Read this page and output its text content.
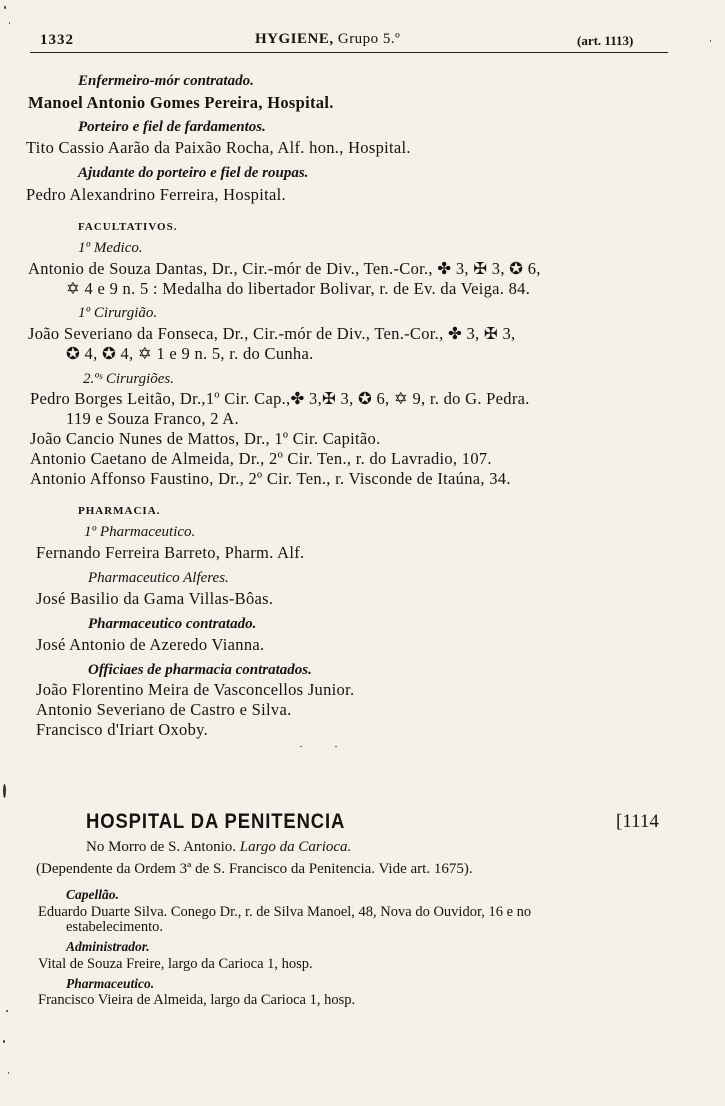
1332	HYGIENE, Grupo 5.º	(art. 1113)
Enfermeiro-mór contratado.
Manoel Antonio Gomes Pereira, Hospital.
Porteiro e fiel de fardamentos.
Tito Cassio Aarão da Paixão Rocha, Alf. hon., Hospital.
Ajudante do porteiro e fiel de roupas.
Pedro Alexandrino Ferreira, Hospital.
FACULTATIVOS.
1º Medico.
Antonio de Souza Dantas, Dr., Cir.-mór de Div., Ten.-Cor., ✤ 3, ✠ 3, ✪ 6,
✡ 4 e 9 n. 5 : Medalha do libertador Bolivar, r. de Ev. da Veiga. 84.
1º Cirurgião.
João Severiano da Fonseca, Dr., Cir.-mór de Div., Ten.-Cor., ✤ 3, ✠ 3,
✪ 4, ✪ 4, ✡ 1 e 9 n. 5, r. do Cunha.
2.ºˢ Cirurgiões.
Pedro Borges Leitão, Dr.,1º Cir. Cap.,✤ 3,✠ 3, ✪ 6, ✡ 9, r. do G. Pedra.
119 e Souza Franco, 2 A.
João Cancio Nunes de Mattos, Dr., 1º Cir. Capitão.
Antonio Caetano de Almeida, Dr., 2º Cir. Ten., r. do Lavradio, 107.
Antonio Affonso Faustino, Dr., 2º Cir. Ten., r. Visconde de Itaúna, 34.
PHARMACIA.
1º Pharmaceutico.
Fernando Ferreira Barreto, Pharm. Alf.
Pharmaceutico Alferes.
José Basilio da Gama Villas-Bôas.
Pharmaceutico contratado.
José Antonio de Azeredo Vianna.
Officiaes de pharmacia contratados.
João Florentino Meira de Vasconcellos Junior.
Antonio Severiano de Castro e Silva.
Francisco d'Iriart Oxoby.
HOSPITAL DA PENITENCIA	[1114
No Morro de S. Antonio. Largo da Carioca.
(Dependente da Ordem 3ª de S. Francisco da Penitencia. Vide art. 1675).
Capellão.
Eduardo Duarte Silva. Conego Dr., r. de Silva Manoel, 48, Nova do Ouvidor, 16 e no
estabelecimento.
Administrador.
Vital de Souza Freire, largo da Carioca 1, hosp.
Pharmaceutico.
Francisco Vieira de Almeida, largo da Carioca 1, hosp.
